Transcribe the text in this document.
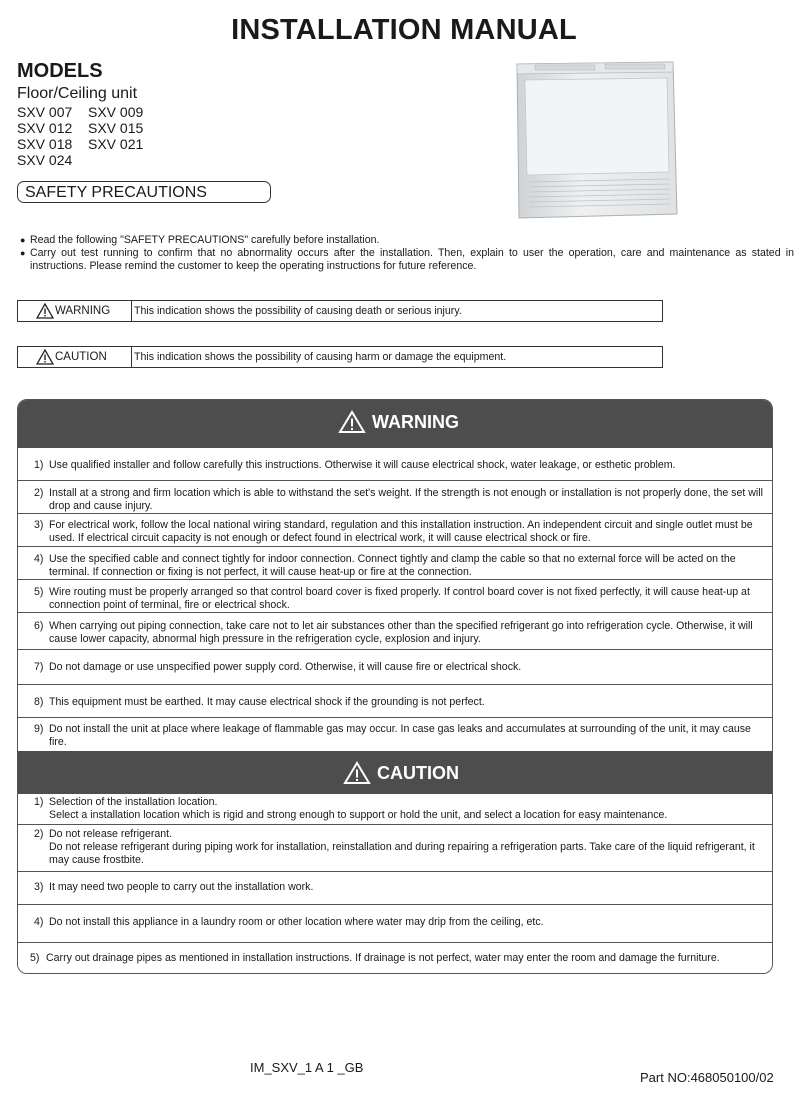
INSTALLATION MANUAL
MODELS
Floor/Ceiling unit
SXV 007 SXV 009
SXV 012 SXV 015
SXV 018 SXV 021
SXV 024
SAFETY PRECAUTIONS
● Read the following "SAFETY PRECAUTIONS" carefully before installation.
● Carry out test running to confirm that no abnormality occurs after the installation. Then, explain to user the operation, care and maintenance as stated in instructions. Please remind the customer to keep the operating instructions for future reference.
WARNING This indication shows the possibility of causing death or serious injury.
CAUTION	This indication shows the possibility of causing harm or damage the equipment.
WARNING
1) Use qualified installer and follow carefully this instructions. Otherwise it will cause electrical shock, water leakage, or esthetic problem.
2) Install at a strong and firm location which is able to withstand the set's weight. If the strength is not enough or installation is not properly done, the set will drop and cause injury.
3) For electrical work, follow the local national wiring standard, regulation and this installation instruction. An independent circuit and single outlet must be used. If electrical circuit capacity is not enough or defect found in electrical work, it will cause electrical shock or fire.
4) Use the specified cable and connect tightly for indoor connection. Connect tightly and clamp the cable so that no external force will be acted on the terminal. If connection or fixing is not perfect, it will cause heat-up or fire at the connection.
5) Wire routing must be properly arranged so that control board cover is fixed properly. If control board cover is not fixed perfectly, it will cause heat-up at connection point of terminal, fire or electrical shock.
6) When carrying out piping connection, take care not to let air substances other than the specified refrigerant go into refrigeration cycle. Otherwise, it will cause lower capacity, abnormal high pressure in the refrigeration cycle, explosion and injury.
7) Do not damage or use unspecified power supply cord. Otherwise, it will cause fire or electrical shock.
8) This equipment must be earthed. It may cause electrical shock if the grounding is not perfect.
9) Do not install the unit at place where leakage of flammable gas may occur. In case gas leaks and accumulates at surrounding of the unit, it may cause fire.
CAUTION
1) Selection of the installation location.
Select a installation location which is rigid and strong enough to support or hold the unit, and select a location for easy maintenance.
2) Do not release refrigerant.
Do not release refrigerant during piping work for installation, reinstallation and during repairing a refrigeration parts. Take care of the liquid refrigerant, it may cause frostbite.
3) It may need two people to carry out the installation work.
4) Do not install this appliance in a laundry room or other location where water may drip from the ceiling, etc.
5) Carry out drainage pipes as mentioned in installation instructions. If drainage is not perfect, water may enter the room and damage the furniture.
IM_SXV_1 A 1 _GB
Part NO:468050100/02
